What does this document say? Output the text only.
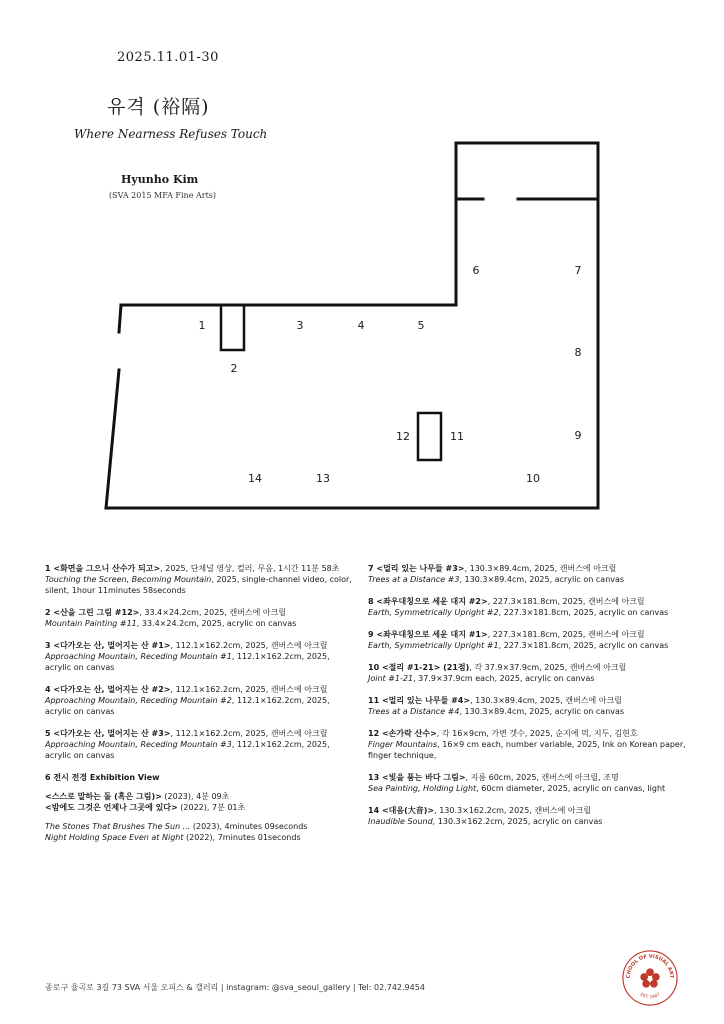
2025.11.01-30
유격 (裕隔)
Where Nearness Refuses Touch
Hyunho Kim
(SVA 2015 MFA Fine Arts)
1
2
3	4	5
6	7
8
9
10
11
12
13
14
1 <화면을 그으니 산수가 되고>, 2025, 단채널 영상, 컬러, 무음, 1시간 11분 58초
Touching the Screen, Becoming Mountain, 2025, single-channel video, color, silent, 1hour 11minutes 58seconds
2 <산을 그린 그림 #12>, 33.4×24.2cm, 2025, 캔버스에 아크릴
Mountain Painting #11, 33.4×24.2cm, 2025, acrylic on canvas
3 <다가오는 산, 멀어지는 산 #1>, 112.1×162.2cm, 2025, 캔버스에 아크릴
Approaching Mountain, Receding Mountain #1, 112.1×162.2cm, 2025, acrylic on canvas
4 <다가오는 산, 멀어지는 산 #2>, 112.1×162.2cm, 2025, 캔버스에 아크릴
Approaching Mountain, Receding Mountain #2, 112.1×162.2cm, 2025, acrylic on canvas
5 <다가오는 산, 멀어지는 산 #3>, 112.1×162.2cm, 2025, 캔버스에 아크릴
Approaching Mountain, Receding Mountain #3, 112.1×162.2cm, 2025, acrylic on canvas
6 전시 전경 Exhibition View
<스스로 말하는 돌 (혹은 그림)> (2023), 4분 09초
<밤에도 그것은 언제나 그곳에 있다> (2022), 7분 01초
The Stones That Brushes The Sun ... (2023), 4minutes 09seconds
Night Holding Space Even at Night (2022), 7minutes 01seconds
7 <멀리 있는 나무들 #3>, 130.3×89.4cm, 2025, 캔버스에 아크릴
Trees at a Distance #3, 130.3×89.4cm, 2025, acrylic on canvas
8 <좌우대칭으로 세운 대지 #2>, 227.3×181.8cm, 2025, 캔버스에 아크릴
Earth, Symmetrically Upright #2, 227.3×181.8cm, 2025, acrylic on canvas
9 <좌우대칭으로 세운 대지 #1>, 227.3×181.8cm, 2025, 캔버스에 아크릴
Earth, Symmetrically Upright #1, 227.3×181.8cm, 2025, acrylic on canvas
10 <절리 #1-21> (21점), 각 37.9×37.9cm, 2025, 캔버스에 아크릴
Joint #1-21, 37.9×37.9cm each, 2025, acrylic on canvas
11 <멀리 있는 나무들 #4>, 130.3×89.4cm, 2025, 캔버스에 아크릴
Trees at a Distance #4, 130.3×89.4cm, 2025, acrylic on canvas
12 <손가락 산수>, 각 16×9cm, 가변 갯수, 2025, 순지에 먹, 지두, 김현호
Finger Mountains, 16×9 cm each, number variable, 2025, Ink on Korean paper, finger technique,
13 <빛을 품는 바다 그림>, 지름 60cm, 2025, 캔버스에 아크릴, 조명
Sea Painting, Holding Light, 60cm diameter, 2025, acrylic on canvas, light
14 <대음(大音)>, 130.3×162.2cm, 2025, 캔버스에 아크릴
Inaudible Sound, 130.3×162.2cm, 2025, acrylic on canvas
종로구 율곡로 3길 73 SVA 서울 오피스 & 갤러리 | instagram: @sva_seoul_gallery | Tel: 02.742.9454
CHOOL OF VISUAL ART
EST. 1947
